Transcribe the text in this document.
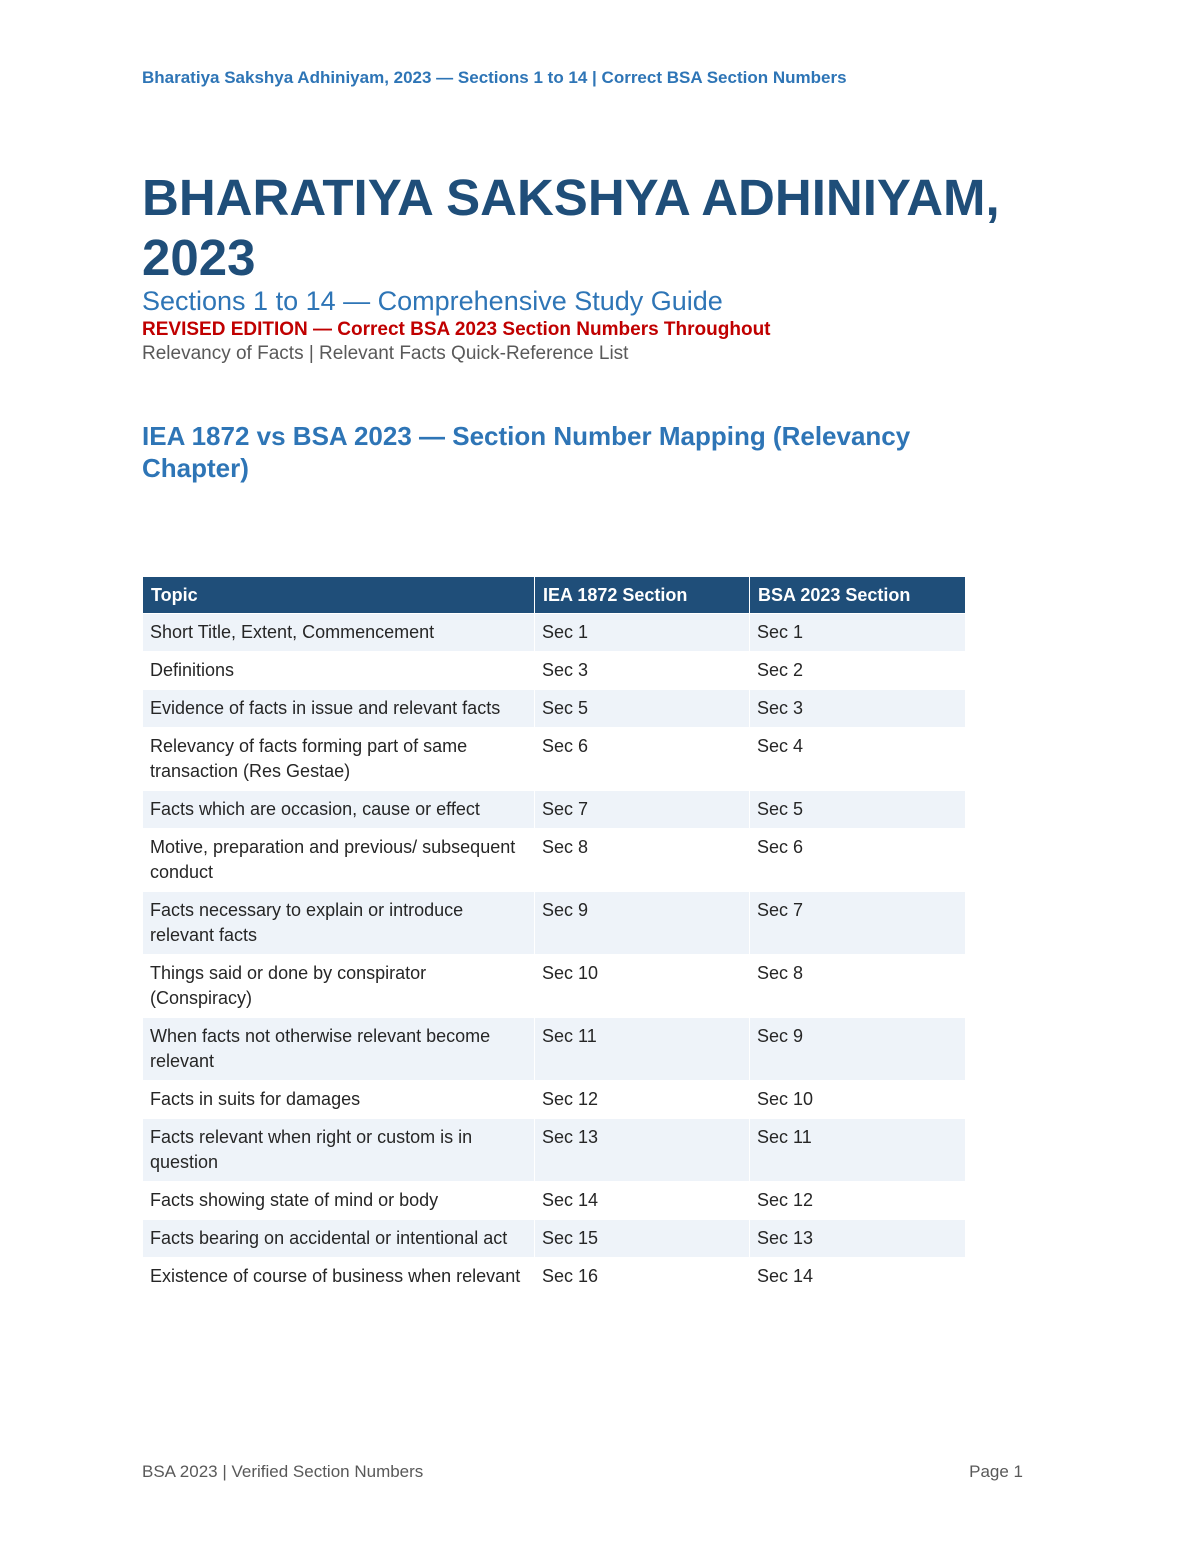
Bharatiya Sakshya Adhiniyam, 2023 — Sections 1 to 14 | Correct BSA Section Numbers
BHARATIYA SAKSHYA ADHINIYAM, 2023
Sections 1 to 14 — Comprehensive Study Guide
REVISED EDITION — Correct BSA 2023 Section Numbers Throughout
Relevancy of Facts | Relevant Facts Quick-Reference List
IEA 1872 vs BSA 2023 — Section Number Mapping (Relevancy Chapter)
Topic	IEA 1872 Section	BSA 2023 Section
Short Title, Extent, Commencement	Sec 1	Sec 1
Definitions	Sec 3	Sec 2
Evidence of facts in issue and relevant facts	Sec 5	Sec 3
Relevancy of facts forming part of same transaction (Res Gestae)	Sec 6	Sec 4
Facts which are occasion, cause or effect	Sec 7	Sec 5
Motive, preparation and previous/ subsequent conduct	Sec 8	Sec 6
Facts necessary to explain or introduce relevant facts	Sec 9	Sec 7
Things said or done by conspirator (Conspiracy)	Sec 10	Sec 8
When facts not otherwise relevant become relevant	Sec 11	Sec 9
Facts in suits for damages	Sec 12	Sec 10
Facts relevant when right or custom is in question	Sec 13	Sec 11
Facts showing state of mind or body	Sec 14	Sec 12
Facts bearing on accidental or intentional act	Sec 15	Sec 13
Existence of course of business when relevant	Sec 16	Sec 14
BSA 2023 | Verified Section Numbers	Page 1
